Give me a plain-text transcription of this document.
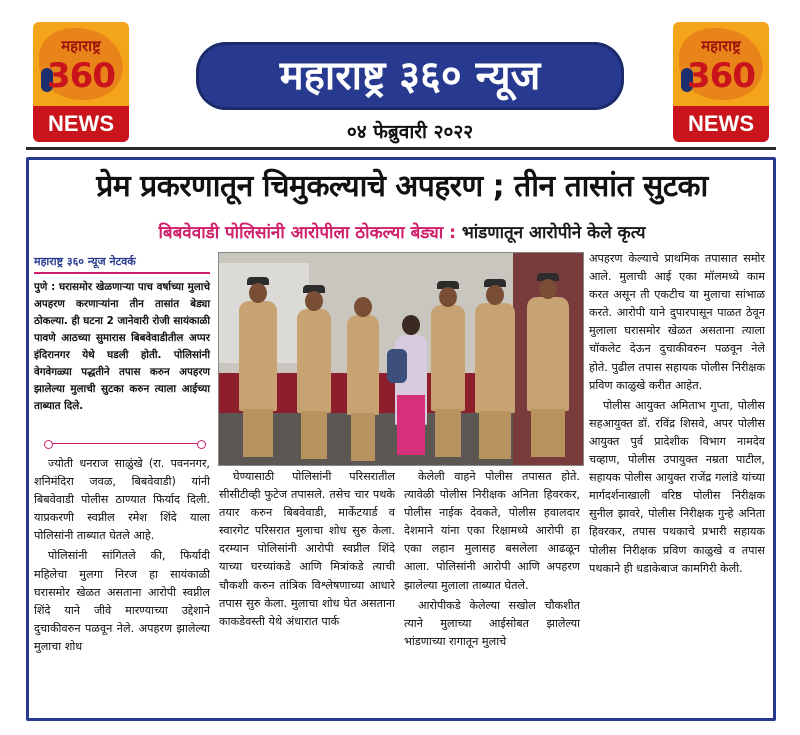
महाराष्ट्र
360
NEWS
महाराष्ट्र ३६० न्यूज
०४ फेब्रुवारी २०२२
महाराष्ट्र
360
NEWS
प्रेम प्रकरणातून चिमुकल्याचे अपहरण ; तीन तासांत सुटका
बिबवेवाडी पोलिसांनी आरोपीला ठोकल्या बेड्या : भांडणातून आरोपीने केले कृत्य
महाराष्ट्र ३६० न्यूज नेटवर्क
पुणे : घरासमोर खेळणाऱ्या पाच वर्षाच्या मुलाचे अपहरण करणाऱ्यांना तीन तासांत बेड्या ठोकल्या. ही घटना 2 जानेवारी रोजी सायंकाळी पावणे आठच्या सुमारास बिबवेवाडीतील अप्पर इंदिरानगर येथे घडली होती. पोलिसांनी वेगवेगळ्या पद्धतीने तपास करुन अपहरण झालेल्या मुलाची सुटका करुन त्याला आईच्या ताब्यात दिले.

ज्योती धनराज साळुंखे (रा. पवननगर, शनिमंदिरा जवळ, बिबवेवाडी) यांनी बिबवेवाडी पोलीस ठाण्यात फिर्याद दिली. याप्रकरणी स्वप्नील रमेश शिंदे याला पोलिसांनी ताब्यात घेतले आहे.

पोलिसांनी सांगितले की, फिर्यादी महिलेचा मुलगा निरज हा सायंकाळी घरासमोर खेळत असताना आरोपी स्वप्नील शिंदे याने जीवे मारण्याच्या उद्देशाने दुचाकीवरुन पळवून नेले. अपहरण झालेल्या मुलाचा शोध

घेण्यासाठी पोलिसांनी परिसरातील सीसीटीव्ही फुटेज तपासले. तसेच चार पथके तयार करुन बिबवेवाडी, मार्केटयार्ड व स्वारगेट परिसरात मुलाचा शोध सुरु केला. दरम्यान पोलिसांनी आरोपी स्वप्नील शिंदे याच्या घरच्यांकडे आणि मित्रांकडे त्याची चौकशी करुन तांत्रिक विश्लेषणाच्या आधारे तपास सुरु केला. मुलाचा शोध घेत असताना काकडेवस्ती येथे अंधारात पार्क

केलेली वाहने पोलीस तपासत होते. त्यावेळी पोलीस निरीक्षक अनिता हिवरकर, पोलीस नाईक देवकते, पोलीस हवालदार देशमाने यांना एका रिक्षामध्ये आरोपी हा एका लहान मुलासह बसलेला आढळून आला. पोलिसांनी आरोपी आणि अपहरण झालेल्या मुलाला ताब्यात घेतले.

आरोपीकडे केलेल्या सखोल चौकशीत त्याने मुलाच्या आईसोबत झालेल्या भांडणाच्या रागातून मुलाचे

अपहरण केल्याचे प्राथमिक तपासात समोर आले. मुलाची आई एका मॉलमध्ये काम करत असून ती एकटीच या मुलाचा सांभाळ करते. आरोपी याने दुपारपासून पाळत ठेवून मुलाला घरासमोर खेळत असताना त्याला चॉकलेट देऊन दुचाकीवरुन पळवून नेले होते. पुढील तपास सहायक पोलीस निरीक्षक प्रविण काळुखे करीत आहेत.

पोलीस आयुक्त अमिताभ गुप्ता, पोलीस सहआयुक्त डॉ. रविंद्र शिसवे, अपर पोलीस आयुक्त पुर्व प्रादेशीक विभाग नामदेव चव्हाण, पोलीस उपायुक्त नम्रता पाटील, सहायक पोलीस आयुक्त राजेंद्र गलांडे यांच्या मार्गदर्शनाखाली वरिष्ठ पोलीस निरीक्षक सुनील झावरे, पोलीस निरीक्षक गुन्हे अनिता हिवरकर, तपास पथकाचे प्रभारी सहायक पोलीस निरीक्षक प्रविण काळुखे व तपास पथकाने ही धडाकेबाज कामगिरी केली.
